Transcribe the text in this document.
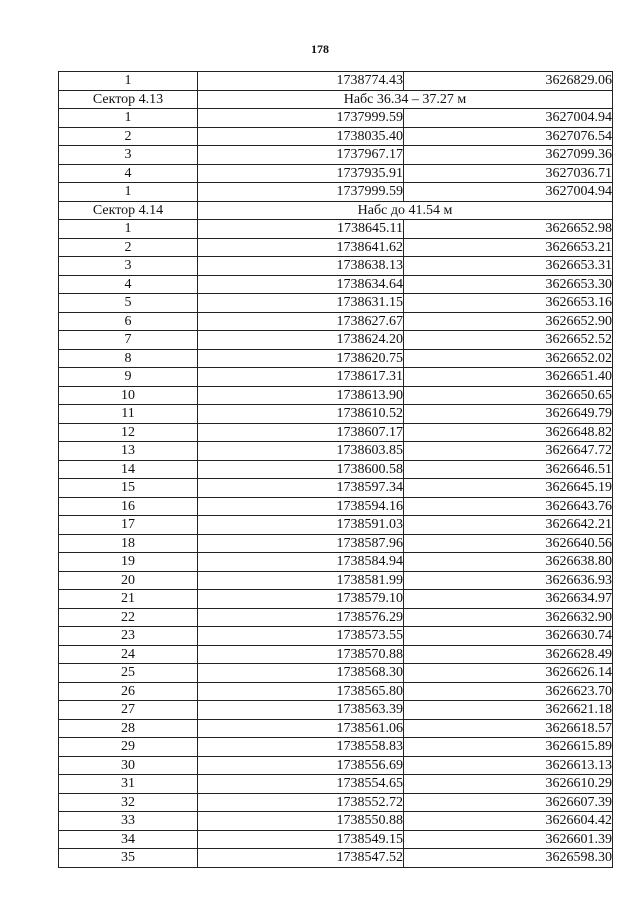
178
1	1738774.43	3626829.06
Сектор 4.13	Набс 36.34 – 37.27 м	
1	1737999.59	3627004.94
2	1738035.40	3627076.54
3	1737967.17	3627099.36
4	1737935.91	3627036.71
1	1737999.59	3627004.94
Сектор 4.14	Набс до 41.54 м	
1	1738645.11	3626652.98
2	1738641.62	3626653.21
3	1738638.13	3626653.31
4	1738634.64	3626653.30
5	1738631.15	3626653.16
6	1738627.67	3626652.90
7	1738624.20	3626652.52
8	1738620.75	3626652.02
9	1738617.31	3626651.40
10	1738613.90	3626650.65
11	1738610.52	3626649.79
12	1738607.17	3626648.82
13	1738603.85	3626647.72
14	1738600.58	3626646.51
15	1738597.34	3626645.19
16	1738594.16	3626643.76
17	1738591.03	3626642.21
18	1738587.96	3626640.56
19	1738584.94	3626638.80
20	1738581.99	3626636.93
21	1738579.10	3626634.97
22	1738576.29	3626632.90
23	1738573.55	3626630.74
24	1738570.88	3626628.49
25	1738568.30	3626626.14
26	1738565.80	3626623.70
27	1738563.39	3626621.18
28	1738561.06	3626618.57
29	1738558.83	3626615.89
30	1738556.69	3626613.13
31	1738554.65	3626610.29
32	1738552.72	3626607.39
33	1738550.88	3626604.42
34	1738549.15	3626601.39
35	1738547.52	3626598.30
